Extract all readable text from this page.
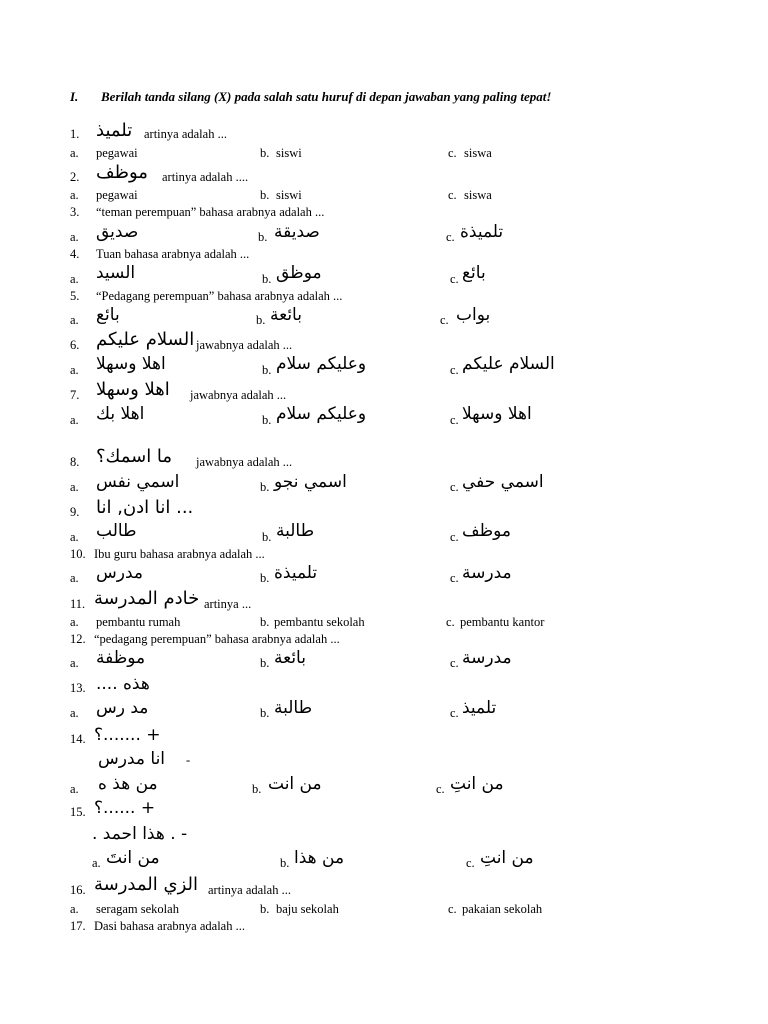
I. Berilah tanda silang (X) pada salah satu huruf di depan jawaban yang paling tepat!
1. تلميذ artinya adalah ...
a. pegawai	b. siswi	c. siswa
2. موظف artinya adalah ....
a. pegawai	b. siswi	c. siswa
3. “teman perempuan” bahasa arabnya adalah ...
a. صديق	b. صديقة	c. تلميذة
4. Tuan bahasa arabnya adalah ...
a. السيد	b. موظق	c. بائع
5. “Pedagang perempuan” bahasa arabnya adalah ...
a. بائع	b. بائعة	c. بواب
6. السلام عليكم jawabnya adalah ...
a. اهلا وسهلا	b. وعليكم سلام	c. السلام عليكم
7. اهلا وسهلا jawabnya adalah ...
a. اهلا بك	b. وعليكم سلام	c. اهلا وسهلا
8. ما اسمك؟ jawabnya adalah ...
a. اسمي نفس	b. اسمي نجو	c. اسمي حفي
9. ... انا ادن, انا
a. طالب	b. طالبة	c. موظف
10. Ibu guru bahasa arabnya adalah ...
a. مدرس	b. تلميذة	c. مدرسة
11. خادم المدرسة artinya ...
a. pembantu rumah	b. pembantu sekolah	c. pembantu kantor
12. “pedagang perempuan” bahasa arabnya adalah ...
a. موظفة	b. بائعة	c. مدرسة
13. هذه ....
a. مد رس	b. طالبة	c. تلميذ
14. + .......؟
انا مدرس -
a. من هذ ه	b. من انت	c. من انتِ
15. + ......؟
- . هذا احمد .
a. من انتَ	b. من هذا	c. من انتِ
16. الزي المدرسة artinya adalah ...
a. seragam sekolah	b. baju sekolah	c. pakaian sekolah
17. Dasi bahasa arabnya adalah ...
